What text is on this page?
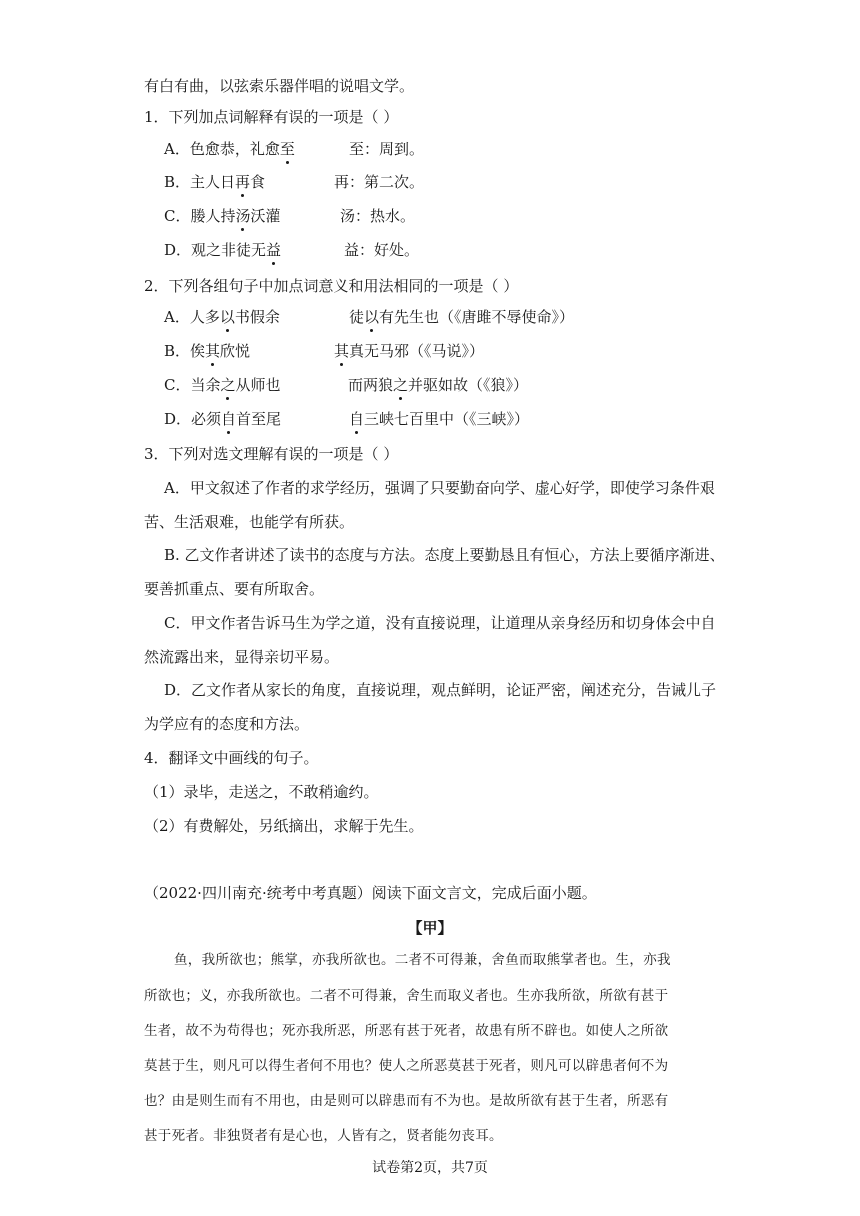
有白有曲，以弦索乐器伴唱的说唱文学。
1．下列加点词解释有误的一项是（ ）
A．色愈恭，礼愈至	至：周到。
B．主人日再食	再：第二次。
C．媵人持汤沃灌	汤：热水。
D．观之非徒无益	益：好处。
2．下列各组句子中加点词意义和用法相同的一项是（ ）
A．人多以书假余	徒以有先生也（《唐雎不辱使命》）
B．俟其欣悦	其真无马邪（《马说》）
C．当余之从师也	而两狼之并驱如故（《狼》）
D．必须自首至尾	自三峡七百里中（《三峡》）
3．下列对选文理解有误的一项是（ ）
A．甲文叙述了作者的求学经历，强调了只要勤奋向学、虚心好学，即使学习条件艰
苦、生活艰难，也能学有所获。
B. 乙文作者讲述了读书的态度与方法。态度上要勤恳且有恒心，方法上要循序渐进、
要善抓重点、要有所取舍。
C．甲文作者告诉马生为学之道，没有直接说理，让道理从亲身经历和切身体会中自
然流露出来，显得亲切平易。
D．乙文作者从家长的角度，直接说理，观点鲜明，论证严密，阐述充分，告诫儿子
为学应有的态度和方法。
4．翻译文中画线的句子。
（1）录毕，走送之，不敢稍逾约。
（2）有费解处，另纸摘出，求解于先生。
（2022·四川南充·统考中考真题）阅读下面文言文，完成后面小题。
【甲】
鱼，我所欲也；熊掌，亦我所欲也。二者不可得兼，舍鱼而取熊掌者也。生，亦我
所欲也；义，亦我所欲也。二者不可得兼，舍生而取义者也。生亦我所欲，所欲有甚于
生者，故不为苟得也；死亦我所恶，所恶有甚于死者，故患有所不辟也。如使人之所欲
莫甚于生，则凡可以得生者何不用也？使人之所恶莫甚于死者，则凡可以辟患者何不为
也？由是则生而有不用也，由是则可以辟患而有不为也。是故所欲有甚于生者，所恶有
甚于死者。非独贤者有是心也，人皆有之，贤者能勿丧耳。
试卷第2页，共7页
